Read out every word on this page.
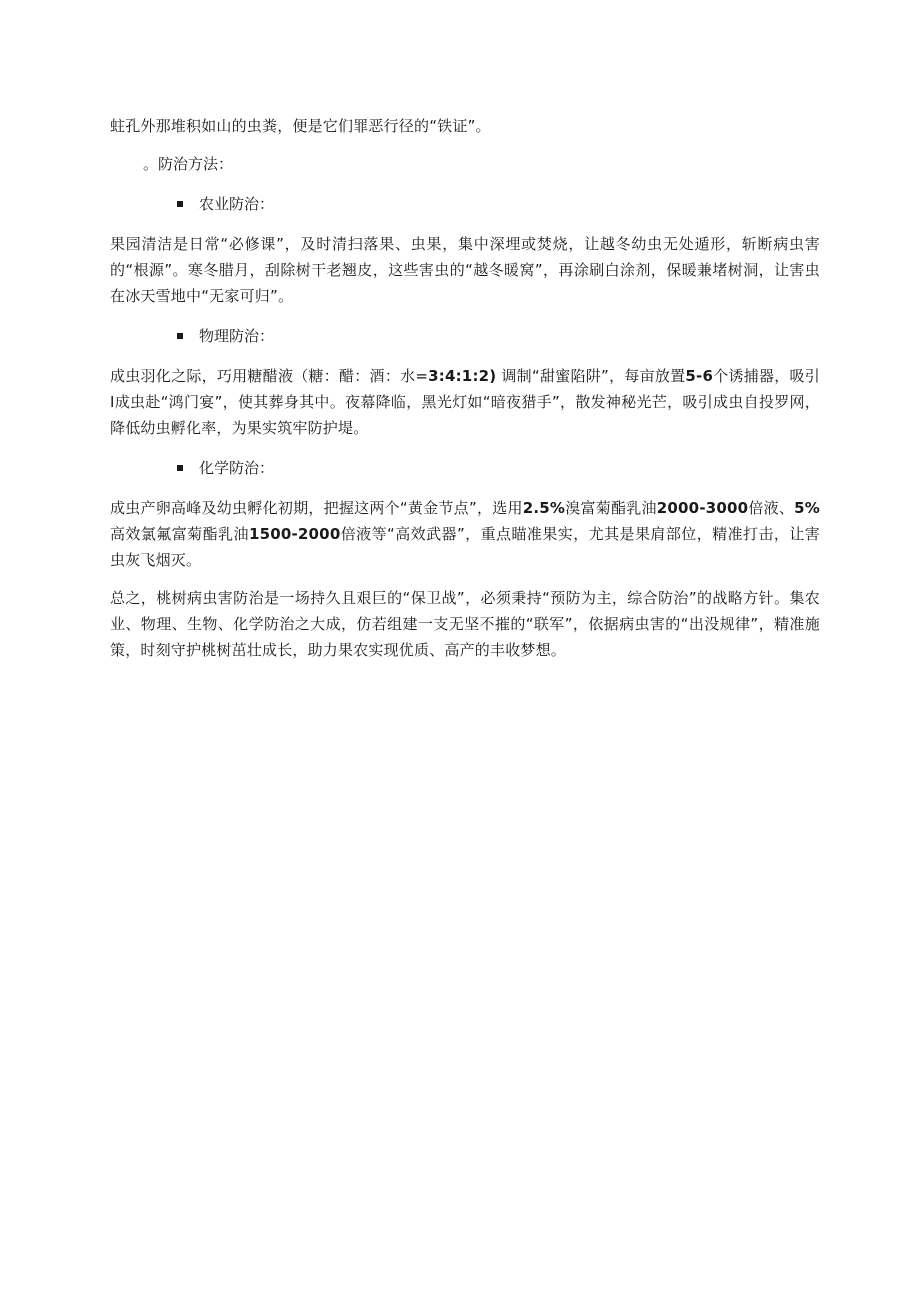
蛀孔外那堆积如山的虫粪，便是它们罪恶行径的“铁证”。

。防治方法：
农业防治：

果园清洁是日常“必修课”，及时清扫落果、虫果，集中深埋或焚烧，让越冬幼虫无处遁形，斩断病虫害的“根源”。寒冬腊月，刮除树干老翘皮，这些害虫的“越冬暖窝”，再涂刷白涂剂，保暖兼堵树洞，让害虫在冰天雪地中“无家可归”。

物理防治：

成虫羽化之际，巧用糖醋液（糖：醋：酒：水=3:4:1:2) 调制“甜蜜陷阱”，每亩放置5-6个诱捕器，吸引I成虫赴“鸿门宴”，使其葬身其中。夜幕降临，黑光灯如“暗夜猎手”，散发神秘光芒，吸引成虫自投罗网，降低幼虫孵化率，为果实筑牢防护堤。

化学防治：

成虫产卵高峰及幼虫孵化初期，把握这两个“黄金节点”，选用2.5%溴富菊酯乳油2000-3000倍液、5%高效氯氟富菊酯乳油1500-2000倍液等“高效武器”，重点瞄准果实，尤其是果肩部位，精准打击，让害虫灰飞烟灭。

总之，桃树病虫害防治是一场持久且艰巨的“保卫战”，必须秉持“预防为主，综合防治”的战略方针。集农业、物理、生物、化学防治之大成，仿若组建一支无坚不摧的“联军”，依据病虫害的“出没规律”，精准施策，时刻守护桃树茁壮成长，助力果农实现优质、高产的丰收梦想。
